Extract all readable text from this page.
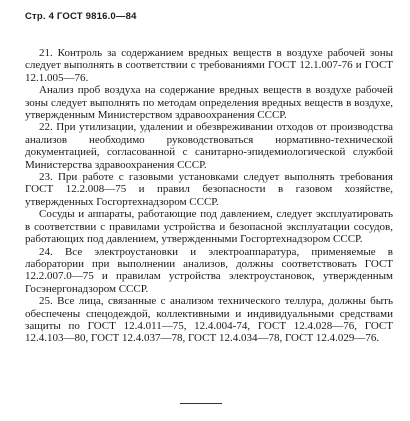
Стр. 4 ГОСТ 9816.0—84

21. Контроль за содержанием вредных веществ в воздухе рабочей зоны следует выполнять в соответствии с требованиями ГОСТ 12.1.007‑76 и ГОСТ 12.1.005—76.

Анализ проб воздуха на содержание вредных веществ в воздухе рабочей зоны следует выполнять по методам определения вредных веществ в воздухе, утвержденным Министерством здравоохранения СССР.

22. При утилизации, удалении и обезвреживании отходов от производства анализов необходимо руководствоваться нормативно-технической документацией, согласованной с санитарно-эпидемиологической службой Министерства здравоохранения СССР.

23. При работе с газовыми установками следует выполнять требования ГОСТ 12.2.008—75 и правил безопасности в газовом хозяйстве, утвержденных Госгортехнадзором СССР.

Сосуды и аппараты, работающие под давлением, следует эксплуатировать в соответствии с правилами устройства и безопасной эксплуатации сосудов, работающих под давлением, утвержденными Госгортехнадзором СССР.

24. Все электроустановки и электроаппаратура, применяемые в лаборатории при выполнении анализов, должны соответствовать ГОСТ 12.2.007.0—75 и правилам устройства электроустановок, утвержденным Госэнергонадзором СССР.

25. Все лица, связанные с анализом технического теллура, должны быть обеспечены спецодеждой, коллективными и индивидуальными средствами защиты по ГОСТ 12.4.011—75, 12.4.004‑74, ГОСТ 12.4.028—76, ГОСТ 12.4.103—80, ГОСТ 12.4.037—78, ГОСТ 12.4.034—78, ГОСТ 12.4.029—76.
